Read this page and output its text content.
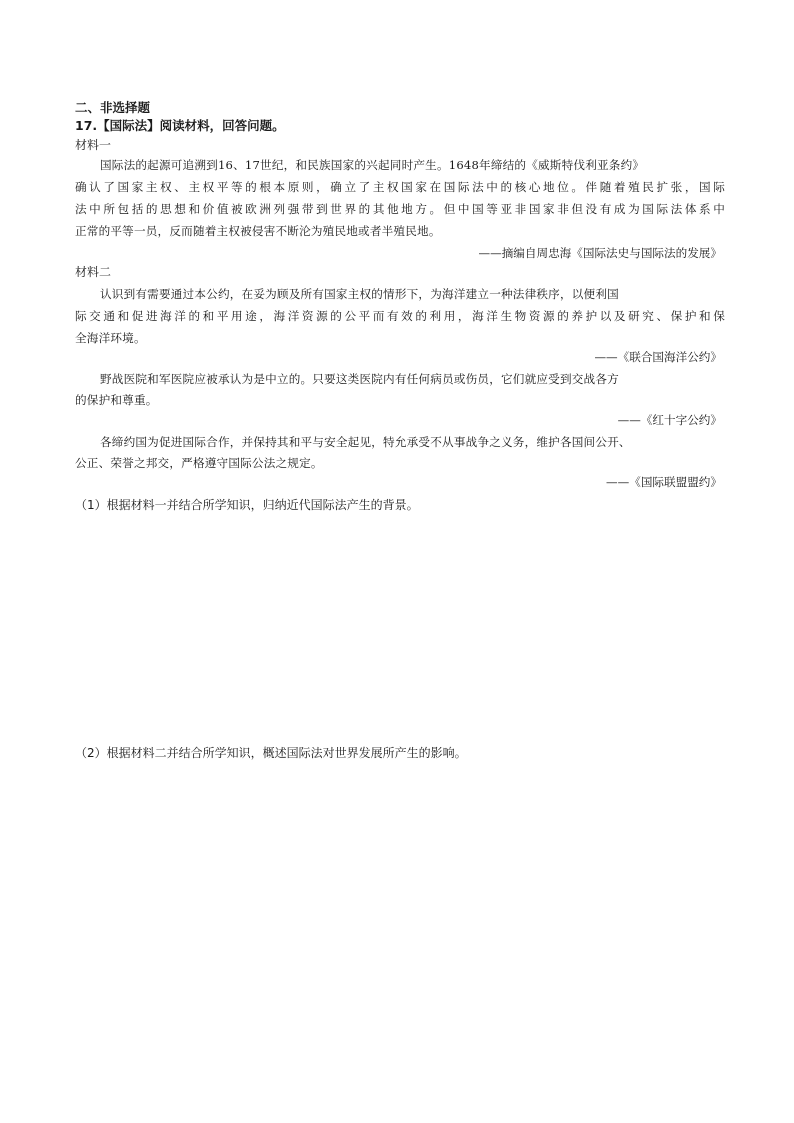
二、非选择题
17.【国际法】阅读材料，回答问题。
材料一
国际法的起源可追溯到16、17世纪，和民族国家的兴起同时产生。1648年缔结的《威斯特伐利亚条约》
确认了国家主权、主权平等的根本原则，确立了主权国家在国际法中的核心地位。伴随着殖民扩张，国际
法中所包括的思想和价值被欧洲列强带到世界的其他地方。但中国等亚非国家非但没有成为国际法体系中
正常的平等一员，反而随着主权被侵害不断沦为殖民地或者半殖民地。
——摘编自周忠海《国际法史与国际法的发展》
材料二
认识到有需要通过本公约，在妥为顾及所有国家主权的情形下，为海洋建立一种法律秩序，以便利国
际交通和促进海洋的和平用途，海洋资源的公平而有效的利用，海洋生物资源的养护以及研究、保护和保
全海洋环境。
——《联合国海洋公约》
野战医院和军医院应被承认为是中立的。只要这类医院内有任何病员或伤员，它们就应受到交战各方
的保护和尊重。
——《红十字公约》
各缔约国为促进国际合作，并保持其和平与安全起见，特允承受不从事战争之义务，维护各国间公开、
公正、荣誉之邦交，严格遵守国际公法之规定。
——《国际联盟盟约》
（1）根据材料一并结合所学知识，归纳近代国际法产生的背景。
（2）根据材料二并结合所学知识，概述国际法对世界发展所产生的影响。
